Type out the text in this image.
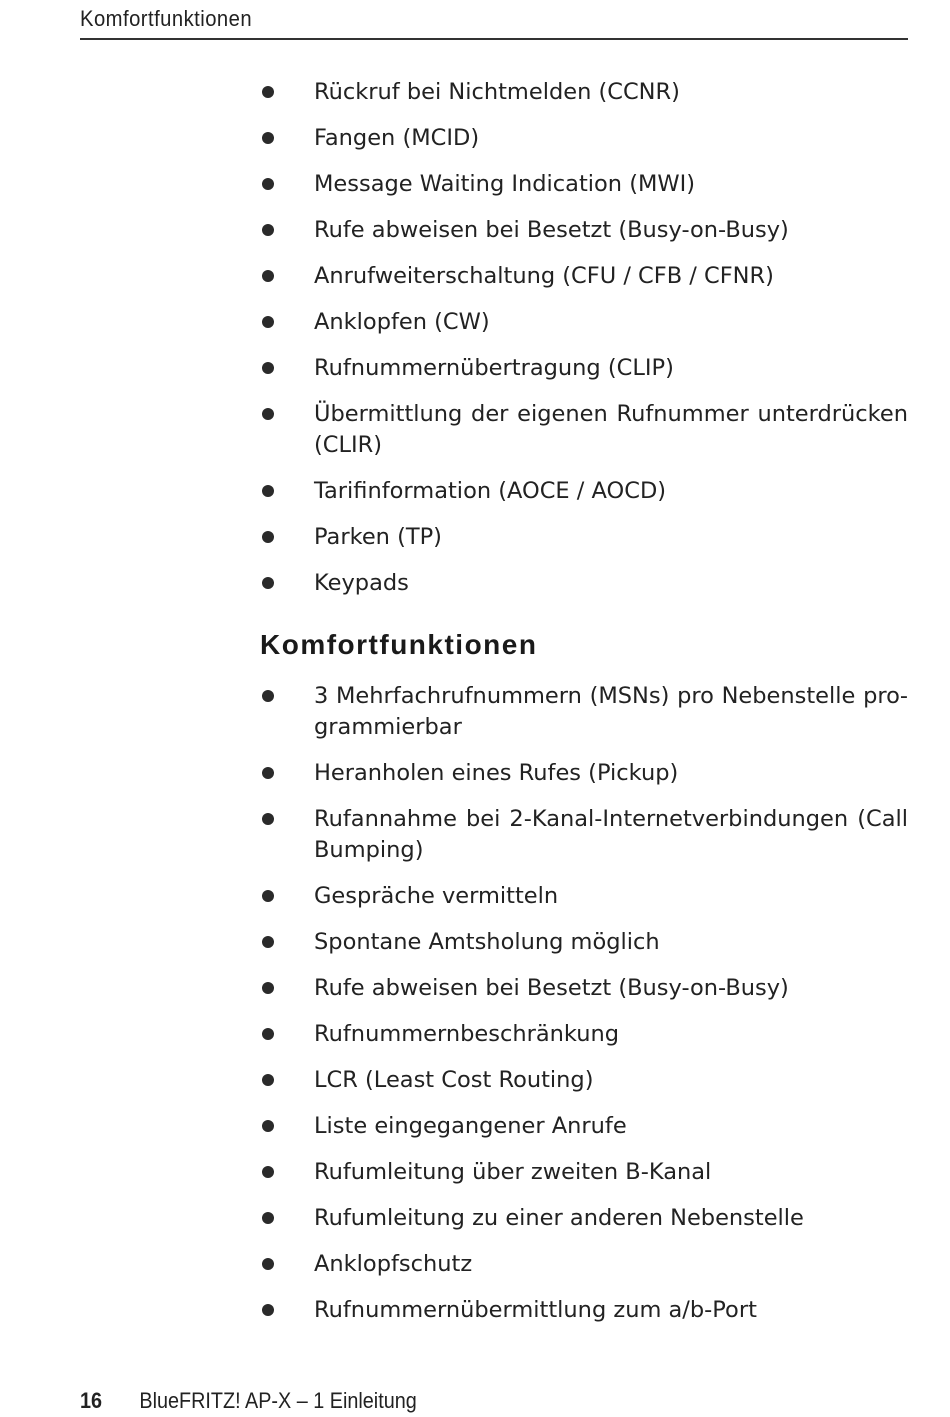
Komfortfunktionen
Rückruf bei Nichtmelden (CCNR)
Fangen (MCID)
Message Waiting Indication (MWI)
Rufe abweisen bei Besetzt (Busy-on-Busy)
Anrufweiterschaltung (CFU / CFB / CFNR)
Anklopfen (CW)
Rufnummernübertragung (CLIP)
Übermittlung der eigenen Rufnummer unterdrücken (CLIR)
Tarifinformation (AOCE / AOCD)
Parken (TP)
Keypads
Komfortfunktionen
3 Mehrfachrufnummern (MSNs) pro Nebenstelle programmierbar
Heranholen eines Rufes (Pickup)
Rufannahme bei 2-Kanal-Internetverbindungen (Call Bumping)
Gespräche vermitteln
Spontane Amtsholung möglich
Rufe abweisen bei Besetzt (Busy-on-Busy)
Rufnummernbeschränkung
LCR (Least Cost Routing)
Liste eingegangener Anrufe
Rufumleitung über zweiten B-Kanal
Rufumleitung zu einer anderen Nebenstelle
Anklopfschutz
Rufnummernübermittlung zum a/b-Port
16 BlueFRITZ! AP-X – 1 Einleitung
